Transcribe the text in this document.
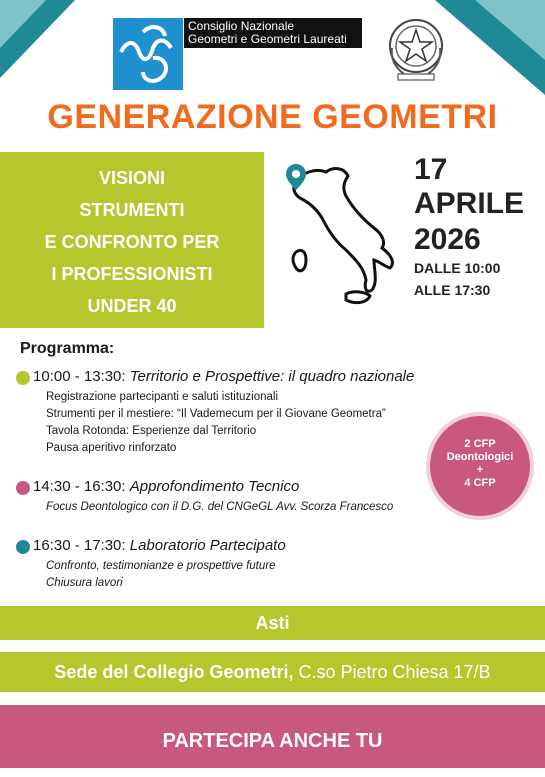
Consiglio Nazionale
Geometri e Geometri Laureati
GENERAZIONE GEOMETRI
VISIONI
STRUMENTI
E CONFRONTO PER
I PROFESSIONISTI
UNDER 40
17
APRILE
2026
DALLE 10:00
ALLE 17:30
Programma:
10:00 - 13:30: Territorio e Prospettive: il quadro nazionale
Registrazione partecipanti e saluti istituzionali
Strumenti per il mestiere: “Il Vademecum per il Giovane Geometra”
Tavola Rotonda: Esperienze dal Territorio
Pausa aperitivo rinforzato
14:30 - 16:30: Approfondimento Tecnico
Focus Deontologico con il D.G. del CNGeGL Avv. Scorza Francesco
16:30 - 17:30: Laboratorio Partecipato
Confronto, testimonianze e prospettive future
Chiusura lavori
2 CFP
Deontologici
+
4 CFP
Asti
Sede del Collegio Geometri, C.so Pietro Chiesa 17/B
PARTECIPA ANCHE TU
